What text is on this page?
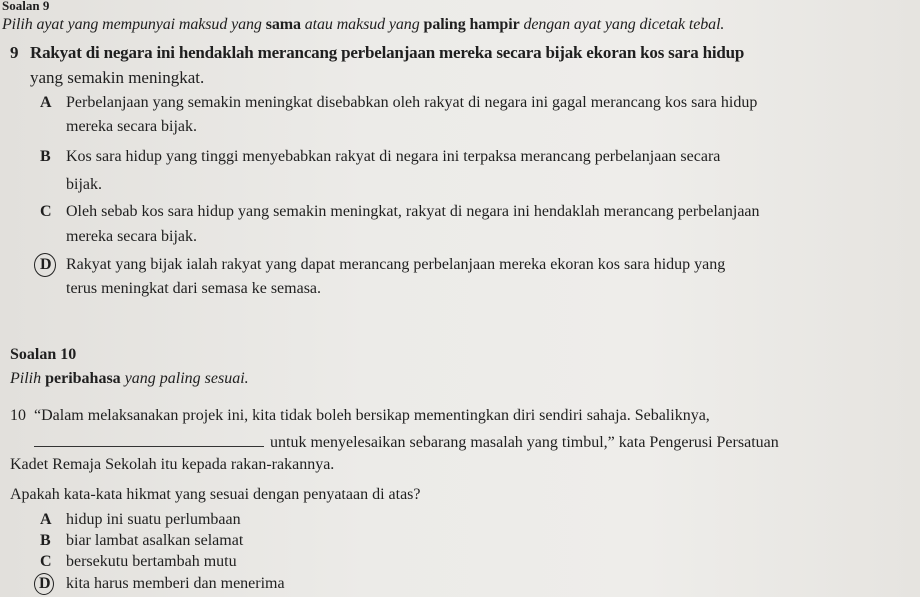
Soalan 9
Pilih ayat yang mempunyai maksud yang sama atau maksud yang paling hampir dengan ayat yang dicetak tebal.
9 Rakyat di negara ini hendaklah merancang perbelanjaan mereka secara bijak ekoran kos sara hidup
yang semakin meningkat.
A Perbelanjaan yang semakin meningkat disebabkan oleh rakyat di negara ini gagal merancang kos sara hidup
mereka secara bijak.
B Kos sara hidup yang tinggi menyebabkan rakyat di negara ini terpaksa merancang perbelanjaan secara
bijak.
C Oleh sebab kos sara hidup yang semakin meningkat, rakyat di negara ini hendaklah merancang perbelanjaan
mereka secara bijak.
D Rakyat yang bijak ialah rakyat yang dapat merancang perbelanjaan mereka ekoran kos sara hidup yang
terus meningkat dari semasa ke semasa.
Soalan 10
Pilih peribahasa yang paling sesuai.
10 “Dalam melaksanakan projek ini, kita tidak boleh bersikap mementingkan diri sendiri sahaja. Sebaliknya,
untuk menyelesaikan sebarang masalah yang timbul,” kata Pengerusi Persatuan
Kadet Remaja Sekolah itu kepada rakan-rakannya.
Apakah kata-kata hikmat yang sesuai dengan penyataan di atas?
A hidup ini suatu perlumbaan
B biar lambat asalkan selamat
C bersekutu bertambah mutu
D kita harus memberi dan menerima
